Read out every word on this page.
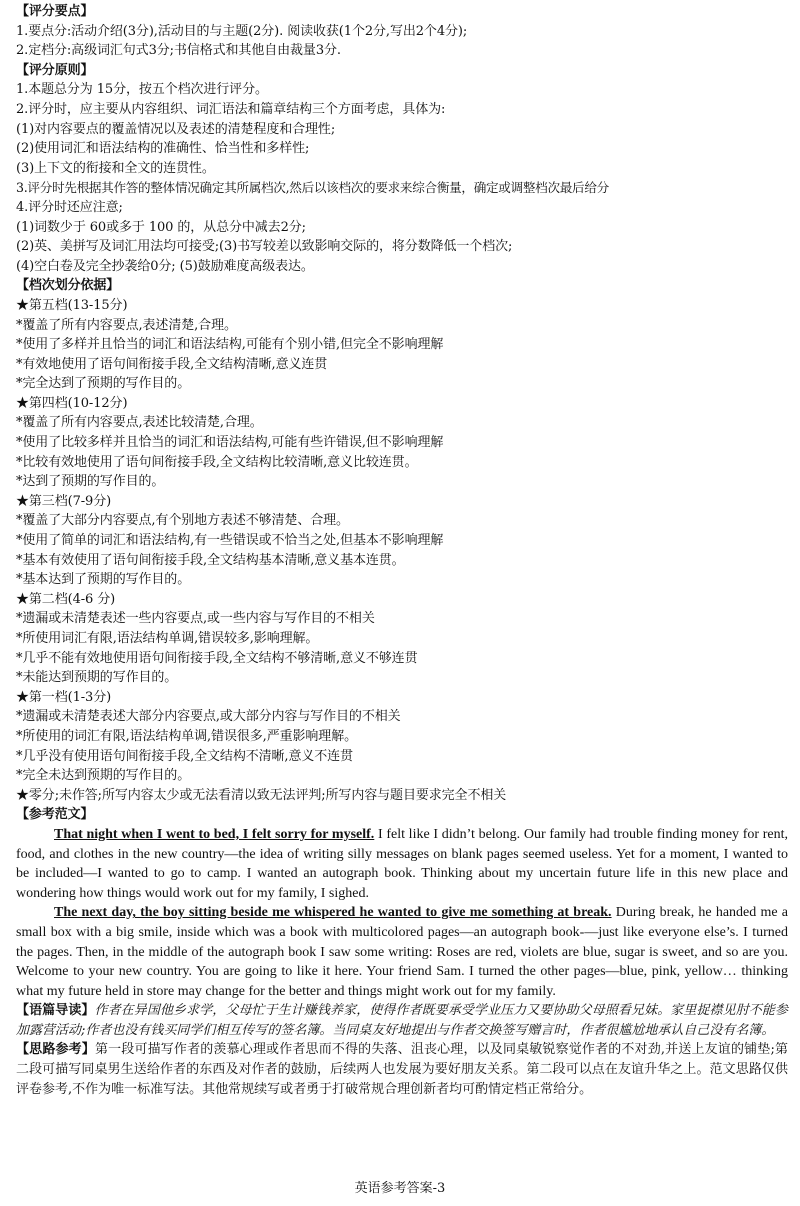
【评分要点】
1.要点分:活动介绍(3分),活动目的与主题(2分). 阅读收获(1个2分,写出2个4分);
2.定档分:高级词汇句式3分;书信格式和其他自由裁量3分.
【评分原则】
1.本题总分为 15分，按五个档次进行评分。
2.评分时，应主要从内容组织、词汇语法和篇章结构三个方面考虑，具体为:
(1)对内容要点的覆盖情况以及表述的清楚程度和合理性;
(2)使用词汇和语法结构的准确性、恰当性和多样性;
(3)上下文的衔接和全文的连贯性。
3.评分时先根据其作答的整体情况确定其所属档次,然后以该档次的要求来综合衡量，确定或调整档次最后给分
4.评分时还应注意;
(1)词数少于 60或多于 100 的，从总分中减去2分;
(2)英、美拼写及词汇用法均可接受;(3)书写较差以致影响交际的，将分数降低一个档次;
(4)空白卷及完全抄袭给0分; (5)鼓励难度高级表达。
【档次划分依据】
★第五档(13-15分)
*覆盖了所有内容要点,表述清楚,合理。
*使用了多样并且恰当的词汇和语法结构,可能有个别小错,但完全不影响理解
*有效地使用了语句间衔接手段,全文结构清晰,意义连贯
*完全达到了预期的写作目的。
★第四档(10-12分)
*覆盖了所有内容要点,表述比较清楚,合理。
*使用了比较多样并且恰当的词汇和语法结构,可能有些许错误,但不影响理解
*比较有效地使用了语句间衔接手段,全文结构比较清晰,意义比较连贯。
*达到了预期的写作目的。
★第三档(7-9分)
*覆盖了大部分内容要点,有个别地方表述不够清楚、合理。
*使用了简单的词汇和语法结构,有一些错误或不恰当之处,但基本不影响理解
*基本有效使用了语句间衔接手段,全文结构基本清晰,意义基本连贯。
*基本达到了预期的写作目的。
★第二档(4-6 分)
*遗漏或未清楚表述一些内容要点,或一些内容与写作目的不相关
*所使用词汇有限,语法结构单调,错误较多,影响理解。
*几乎不能有效地使用语句间衔接手段,全文结构不够清晰,意义不够连贯
*未能达到预期的写作目的。
★第一档(1-3分)
*遗漏或未清楚表述大部分内容要点,或大部分内容与写作目的不相关
*所使用的词汇有限,语法结构单调,错误很多,严重影响理解。
*几乎没有使用语句间衔接手段,全文结构不清晰,意义不连贯
*完全未达到预期的写作目的。
★零分;未作答;所写内容太少或无法看清以致无法评判;所写内容与题目要求完全不相关
【参考范文】
That night when I went to bed, I felt sorry for myself. I felt like I didn’t belong. Our family had trouble finding money for rent, food, and clothes in the new country—the idea of writing silly messages on blank pages seemed useless. Yet for a moment, I wanted to be included—I wanted to go to camp. I wanted an autograph book. Thinking about my uncertain future life in this new place and wondering how things would work out for my family, I sighed.
The next day, the boy sitting beside me whispered he wanted to give me something at break. During break, he handed me a small box with a big smile, inside which was a book with multicolored pages—an autograph book-—just like everyone else’s. I turned the pages. Then, in the middle of the autograph book I saw some writing: Roses are red, violets are blue, sugar is sweet, and so are you. Welcome to your new country. You are going to like it here. Your friend Sam. I turned the other pages—blue, pink, yellow… thinking what my future held in store may change for the better and things might work out for my family.
【语篇导读】作者在异国他乡求学，父母忙于生计赚钱养家，使得作者既要承受学业压力又要协助父母照看兄妹。家里捉襟见肘不能参加露营活动;作者也没有钱买同学们相互传写的签名簿。当同桌友好地提出与作者交换签写赠言时，作者很尴尬地承认自己没有名簿。
【思路参考】第一段可描写作者的羡慕心理或作者思而不得的失落、沮丧心理，以及同桌敏锐察觉作者的不对劲,并送上友谊的铺垫;第二段可描写同桌男生送给作者的东西及对作者的鼓励，后续两人也发展为要好朋友关系。第二段可以点在友谊升华之上。范文思路仅供评卷参考,不作为唯一标准写法。其他常规续写或者勇于打破常规合理创新者均可酌情定档正常给分。
英语参考答案-3
